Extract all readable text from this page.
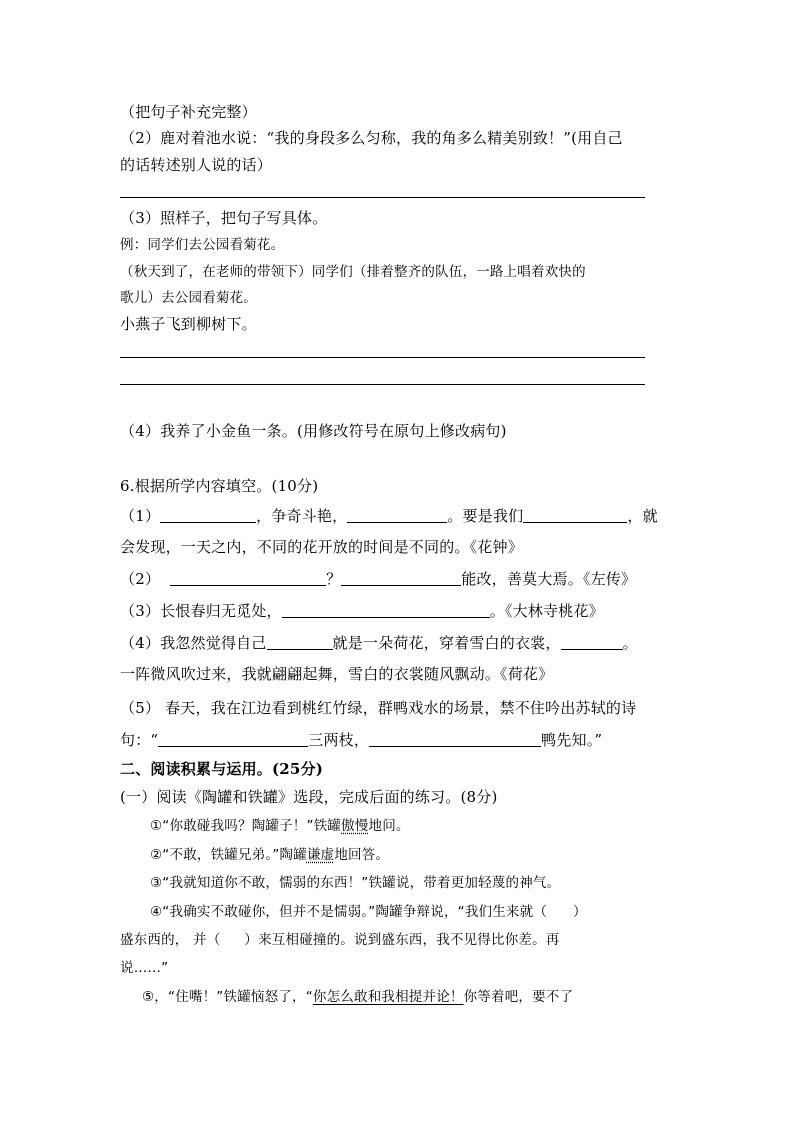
（把句子补充完整）
（2）鹿对着池水说：“我的身段多么匀称，我的角多么精美别致！”(用自己
的话转述别人说的话）
（3）照样子，把句子写具体。
例：同学们去公园看菊花。
（秋天到了，在老师的带领下）同学们（排着整齐的队伍，一路上唱着欢快的
歌儿）去公园看菊花。
小燕子飞到柳树下。
（4）我养了小金鱼一条。(用修改符号在原句上修改病句)
6.根据所学内容填空。(10分)
（1）	，争奇斗艳，	。要是我们	，就
会发现，一天之内，不同的花开放的时间是不同的。《花钟》
（2）	？	能改，善莫大焉。《左传》
（3）长恨春归无觅处，	。《大林寺桃花》
（4）我忽然觉得自己	就是一朵荷花，穿着雪白的衣裳，	。
一阵微风吹过来，我就翩翩起舞，雪白的衣裳随风飘动。《荷花》
（5） 春天，我在江边看到桃红竹绿，群鸭戏水的场景，禁不住吟出苏轼的诗
句：“	三两枝，	鸭先知。”
二、阅读积累与运用。(25分)
(一）阅读《陶罐和铁罐》选段，完成后面的练习。(8分)
①“你敢碰我吗？陶罐子！”铁罐傲慢地问。
②“不敢，铁罐兄弟。”陶罐谦虚地回答。
③“我就知道你不敢，懦弱的东西！”铁罐说，带着更加轻蔑的神气。
④“我确实不敢碰你，但并不是懦弱。”陶罐争辩说，“我们生来就（ ）
盛东西的， 并（ ）来互相碰撞的。说到盛东西，我不见得比你差。再
说……”
⑤，“住嘴！”铁罐恼怒了，“你怎么敢和我相提并论！你等着吧，要不了
